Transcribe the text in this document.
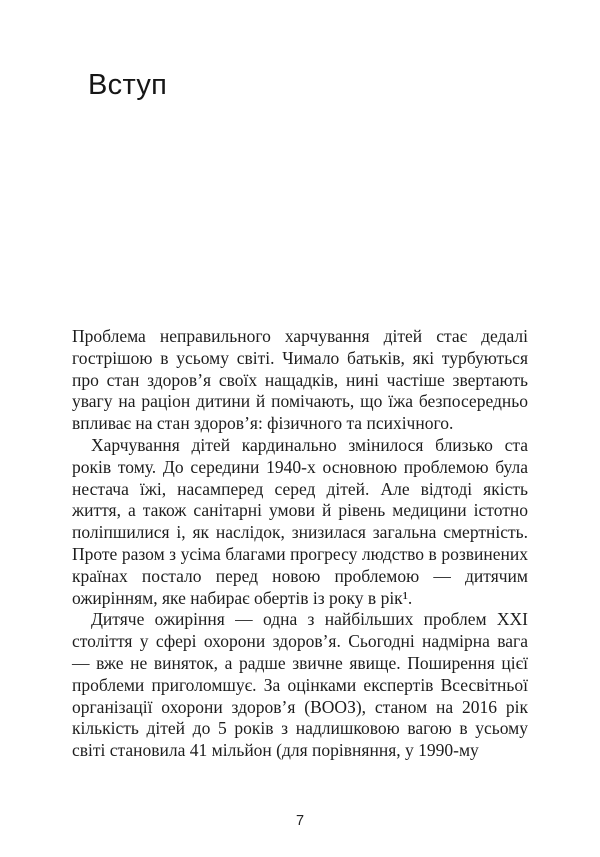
Вступ

Проблема неправильного харчування дітей стає дедалі гострішою в усьому світі. Чимало батьків, які турбуються про стан здоров’я своїх нащадків, нині частіше звертають увагу на раціон дитини й помічають, що їжа безпосередньо впливає на стан здоров’я: фізичного та психічного.

Харчування дітей кардинально змінилося близько ста років тому. До середини 1940-х основною проблемою була нестача їжі, насамперед серед дітей. Але відтоді якість життя, а також санітарні умови й рівень медицини істотно поліпшилися і, як наслідок, знизилася загальна смертність. Проте разом з усіма благами прогресу людство в розвинених країнах постало перед новою проблемою — дитячим ожирінням, яке набирає обертів із року в рік¹.

Дитяче ожиріння — одна з найбільших проблем XXI століття у сфері охорони здоров’я. Сьогодні надмірна вага — вже не виняток, а радше звичне явище. Поширення цієї проблеми приголомшує. За оцінками експертів Всесвітньої організації охорони здоров’я (ВООЗ), станом на 2016 рік кількість дітей до 5 років з надлишковою вагою в усьому світі становила 41 мільйон (для порівняння, у 1990-му

7
